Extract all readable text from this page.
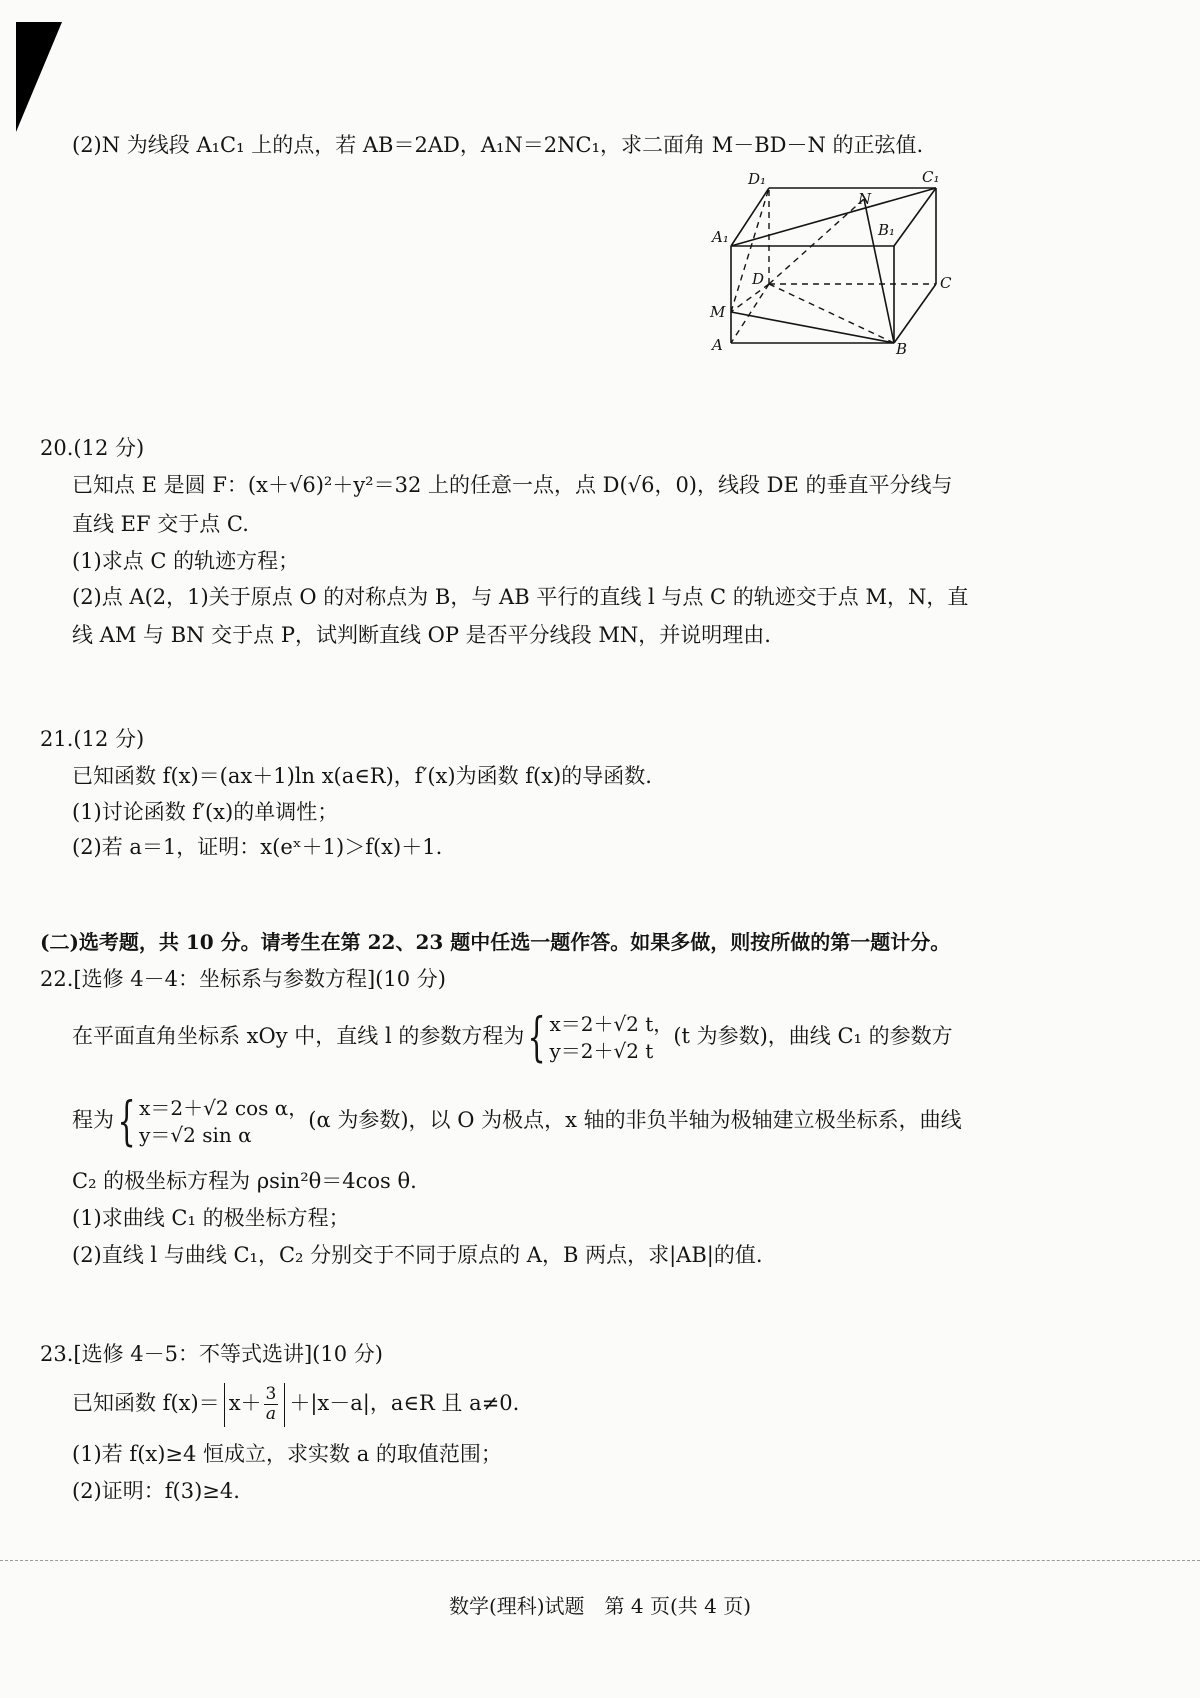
(2)N 为线段 A₁C₁ 上的点，若 AB＝2AD，A₁N＝2NC₁，求二面角 M－BD－N 的正弦值.
D₁	C₁
N
A₁	B₁
D	C
M
A	B
20.(12 分)
已知点 E 是圆 F：(x＋√6)²＋y²＝32 上的任意一点，点 D(√6，0)，线段 DE 的垂直平分线与
直线 EF 交于点 C.
(1)求点 C 的轨迹方程；
(2)点 A(2，1)关于原点 O 的对称点为 B，与 AB 平行的直线 l 与点 C 的轨迹交于点 M，N，直
线 AM 与 BN 交于点 P，试判断直线 OP 是否平分线段 MN，并说明理由.
21.(12 分)
已知函数 f(x)＝(ax＋1)ln x(a∈R)，f′(x)为函数 f(x)的导函数.
(1)讨论函数 f′(x)的单调性；
(2)若 a＝1，证明：x(eˣ＋1)＞f(x)＋1.
(二)选考题，共 10 分。请考生在第 22、23 题中任选一题作答。如果多做，则按所做的第一题计分。
22.[选修 4－4：坐标系与参数方程](10 分)
在平面直角坐标系 xOy 中，直线 l 的参数方程为 { x＝2＋√2 t，
y＝2＋√2 t
(t 为参数)，曲线 C₁ 的参数方
程为 { x＝2＋√2 cos α，
y＝√2 sin α
(α 为参数)，以 O 为极点，x 轴的非负半轴为极轴建立极坐标系，曲线
C₂ 的极坐标方程为 ρsin²θ＝4cos θ.
(1)求曲线 C₁ 的极坐标方程；
(2)直线 l 与曲线 C₁，C₂ 分别交于不同于原点的 A，B 两点，求|AB|的值.
23.[选修 4－5：不等式选讲](10 分)
已知函数 $f(x)= x+ \frac{3}{a} +|x-a|$，a∈R 且 a≠0.
(1)若 f(x)≥4 恒成立，求实数 a 的取值范围；
(2)证明：f(3)≥4.
数学(理科)试题　第 4 页(共 4 页)
